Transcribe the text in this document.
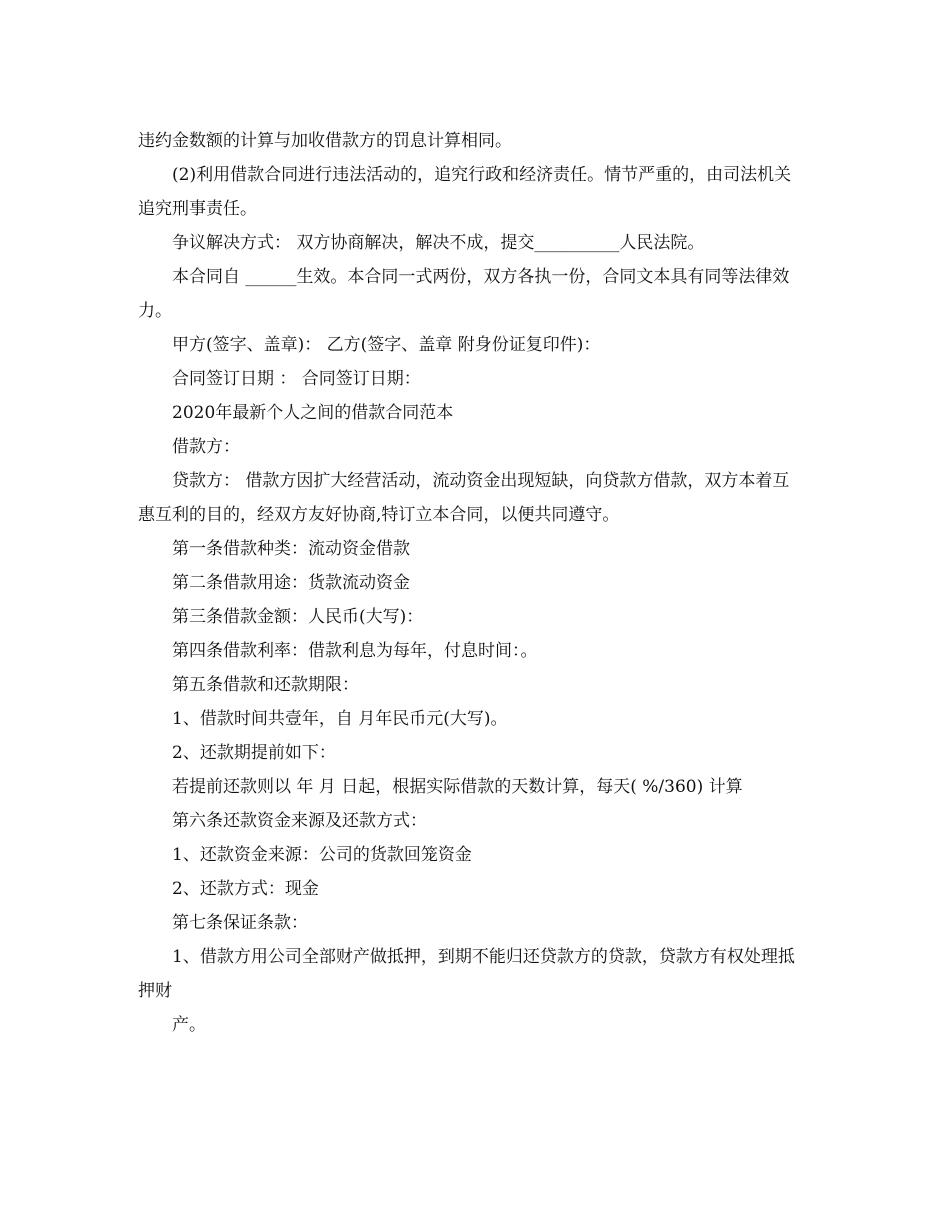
违约金数额的计算与加收借款方的罚息计算相同。

(2)利用借款合同进行违法活动的，追究行政和经济责任。情节严重的，由司法机关追究刑事责任。

争议解决方式： 双方协商解决，解决不成，提交__________人民法院。

本合同自 ______生效。本合同一式两份，双方各执一份，合同文本具有同等法律效力。

甲方(签字、盖章)： 乙方(签字、盖章 附身份证复印件)：

合同签订日期 ： 合同签订日期：

2020年最新个人之间的借款合同范本

借款方：

贷款方： 借款方因扩大经营活动，流动资金出现短缺，向贷款方借款，双方本着互惠互利的目的，经双方友好协商,特订立本合同，以便共同遵守。

第一条借款种类：流动资金借款

第二条借款用途：货款流动资金

第三条借款金额：人民币(大写)：

第四条借款利率：借款利息为每年，付息时间：。

第五条借款和还款期限：

1、借款时间共壹年，自 月年民币元(大写)。

2、还款期提前如下：

若提前还款则以 年 月 日起，根据实际借款的天数计算，每天( %/360) 计算

第六条还款资金来源及还款方式：

1、还款资金来源：公司的货款回笼资金

2、还款方式：现金

第七条保证条款：

1、借款方用公司全部财产做抵押，到期不能归还贷款方的贷款，贷款方有权处理抵押财

产。
